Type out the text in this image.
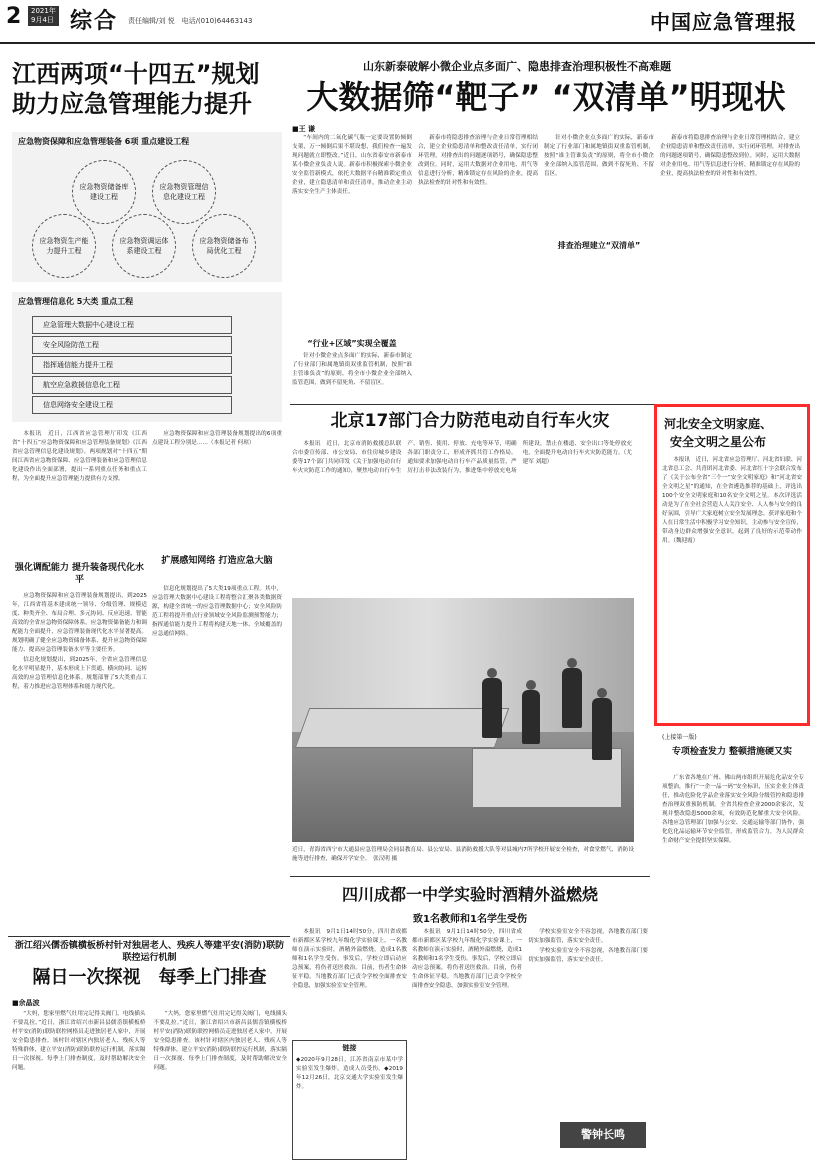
2 2021年
9月4日 综合 责任编辑/刘 悦　电话/(010)64463143	中国应急管理报
江西两项“十四五”规划
助力应急管理能力提升
应急物资保障和应急管理装备 6项 重点建设工程
应急物资储备库建设工程
应急物资管理信息化建设工程
应急物资生产能力提升工程
应急物资调运体系建设工程
应急物资储备布局优化工程
应急管理信息化 5大类 重点工程
应急管理大数据中心建设工程
安全风险防范工程
指挥通信能力提升工程
航空应急救援信息化工程
信息网络安全建设工程

本报讯　近日，江西省应急管理厅印发《江西省“十四五”应急物资保障和应急管理装备规划》《江西省应急管理信息化建设规划》。两项规划对“十四五”期间江西省应急物资保障、应急管理装备和应急管理信息化建设作出全面部署，提出一系列重点任务和重点工程，为全面提升应急管理能力提供有力支撑。

强化调配能力 提升装备现代化水平

应急物资保障和应急管理装备规划提出，到2025年，江西省将基本建成统一领导、分级管理、规模适度、种类齐全、布局合理、多元协同、反应迅速、智能高效的全省应急物资保障体系，应急物资储备能力和调配能力全面提升，应急管理装备现代化水平显著提高。规划明确了健全应急物资储备体系、提升应急物资保障能力、提高应急管理装备水平等主要任务。

信息化规划提出，到2025年，全省应急管理信息化水平明显提升，基本形成上下贯通、横向协同、运转高效的应急管理信息化体系。规划部署了5大类重点工程，着力推进应急管理体系和能力现代化。

应急物资保障和应急管理装备规划提出的6项重点建设工程分别是……（本报记者 何琼）

扩展感知网络 打造应急大脑

信息化规划提出了5大类19项重点工程。其中，应急管理大数据中心建设工程将整合汇聚各类数据资源，构建全省统一的应急管理数据中心；安全风险防范工程将提升重点行业领域安全风险监测预警能力；指挥通信能力提升工程将构建天地一体、全域覆盖的应急通信网络。

山东新泰破解小微企业点多面广、隐患排查治理积极性不高难题
大数据筛“靶子” “双清单”明现状
■王 谦

“车间内的二氧化碳气瓶一定要设置防倾倒支架，万一倾倒后果不堪设想，我们检查一遍发现问题就立即整改。”近日，山东省泰安市新泰市某小微企业负责人说。新泰市积极探索小微企业安全监管新模式，依托大数据平台精准锁定重点企业，建立隐患清单和责任清单，推动企业主动落实安全生产主体责任。

“行业+区域”实现全覆盖

针对小微企业点多面广的实际，新泰市制定了行业部门和属地镇街双重监管机制，按照“谁主管谁负责”的原则，将全市小微企业全部纳入监管范围，做到不留死角、不留盲区。

新泰市将隐患排查治理与企业日常管理相结合，建立企业隐患清单和整改责任清单，实行闭环管理，对排查出的问题逐项销号，确保隐患整改到位。同时，运用大数据对企业用电、用气等信息进行分析，精准锁定存在风险的企业，提高执法检查的针对性和有效性。

排查治理建立“双清单”

针对小微企业点多面广的实际，新泰市制定了行业部门和属地镇街双重监管机制，按照“谁主管谁负责”的原则，将全市小微企业全部纳入监管范围，做到不留死角、不留盲区。

新泰市将隐患排查治理与企业日常管理相结合，建立企业隐患清单和整改责任清单，实行闭环管理，对排查出的问题逐项销号，确保隐患整改到位。同时，运用大数据对企业用电、用气等信息进行分析，精准锁定存在风险的企业，提高执法检查的针对性和有效性。

北京17部门合力防范电动自行车火灾

本报讯　近日，北京市消防救援总队联合市委宣传部、市公安局、市住房城乡建设委等17个部门共同印发《关于加强电动自行车火灾防范工作的通知》，聚焦电动自行车生产、销售、使用、停放、充电等环节，明确各部门职责分工，形成齐抓共管工作格局。通知要求加强电动自行车产品质量监管，严厉打击非法改装行为，推进集中停放充电场所建设，禁止在楼道、安全出口等处停放充电，全面提升电动自行车火灾防范能力。（尤建军 刘超）

近日，青海省西宁市大通县应急管理局会同县教育局、县公安局、县消防救援大队等对县城内7所学校开展安全检查，对食堂燃气、消防设施等进行排查，确保开学安全。　张汉明 摄
河北安全文明家庭、
安全文明之星公布

本报讯　近日，河北省应急管理厅、河北省妇联、河北省总工会、共青团河北省委、河北省红十字会联合发布了《关于公布全省“三个一”安全文明家庭》和“河北省安全文明之星”的通知，在全省遴选推荐的基础上，评选出100个安全文明家庭和10名安全文明之星。本次评选活动是为了在全社会营造人人关注安全、人人参与安全的良好氛围，引导广大家庭树立安全发展理念。获评家庭和个人在日常生活中积极学习安全知识，主动参与安全宣传，带动身边群众增强安全意识，起到了良好的示范带动作用。（魏迎霞）

(上接第一版)
专项检查发力 整顿措施硬又实

广东省各地在广州、佛山两市组织开展危化品安全专项整治，推行“一企一品一码”安全标识，压实企业主体责任，推动危险化学品企业落实安全风险分级管控和隐患排查治理双重预防机制。全省共检查企业2000余家次，发现并整改隐患5000余项，有效防范化解重大安全风险。各地应急管理部门加强与公安、交通运输等部门协作，强化危化品运输环节安全监管，形成监管合力，为人民群众生命财产安全提供坚实保障。

浙江绍兴儒岙镇横板桥村针对独居老人、残疾人等建平安(消防)联防联控运行机制
隔日一次探视　每季上门排查
■余晶波

“大妈，您家里燃气灶用完记得关阀门，电线插头不要乱拉。”近日，浙江省绍兴市新昌县儒岙镇横板桥村平安(消防)联防联控网格员走进独居老人家中，开展安全隐患排查。该村针对辖区内独居老人、残疾人等特殊群体，建立平安(消防)联防联控运行机制，落实隔日一次探视、每季上门排查制度，及时帮助解决安全问题。

“大妈，您家里燃气灶用完记得关阀门，电线插头不要乱拉。”近日，浙江省绍兴市新昌县儒岙镇横板桥村平安(消防)联防联控网格员走进独居老人家中，开展安全隐患排查。该村针对辖区内独居老人、残疾人等特殊群体，建立平安(消防)联防联控运行机制，落实隔日一次探视、每季上门排查制度，及时帮助解决安全问题。

四川成都一中学实验时酒精外溢燃烧
致1名教师和1名学生受伤

本报讯　9月1日14时50分，四川省成都市新都区某学校九年级化学实验课上，一名教师在演示实验时，酒精外溢燃烧，造成1名教师和1名学生受伤。事发后，学校立即启动应急预案，将伤者送医救治。目前，伤者生命体征平稳。当地教育部门已责令学校全面排查安全隐患，加强实验室安全管理。

链接
◆2020年9月28日，江苏省南京市某中学实验室发生爆炸，造成人员受伤。◆2019年12月26日，北京交通大学实验室发生爆炸。

本报讯　9月1日14时50分，四川省成都市新都区某学校九年级化学实验课上，一名教师在演示实验时，酒精外溢燃烧，造成1名教师和1名学生受伤。事发后，学校立即启动应急预案，将伤者送医救治。目前，伤者生命体征平稳。当地教育部门已责令学校全面排查安全隐患，加强实验室安全管理。

学校实验室安全不容忽视，各地教育部门要切实加强监管，落实安全责任。

学校实验室安全不容忽视，各地教育部门要切实加强监管，落实安全责任。

警钟长鸣
